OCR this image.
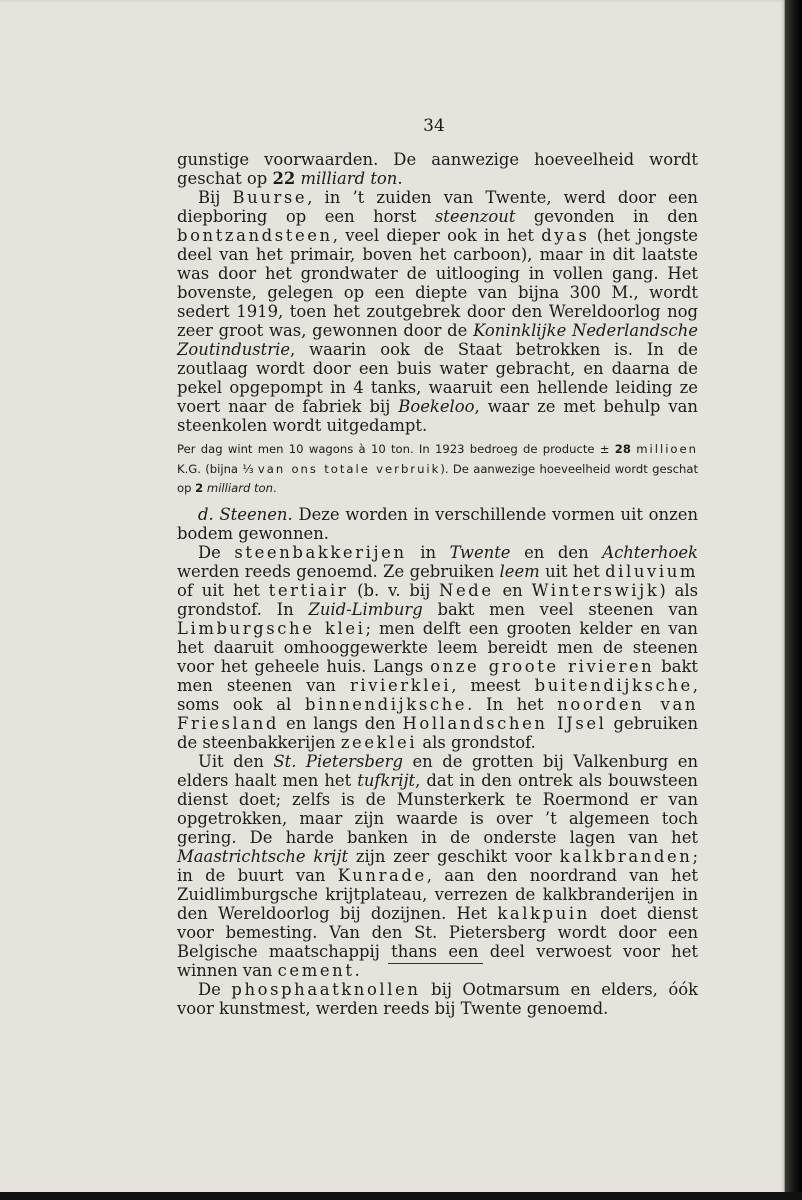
34

gunstige voorwaarden. De aanwezige hoeveelheid wordt geschat op 22 milliard ton.

Bij Buurse, in ’t zuiden van Twente, werd door een diepboring op een horst steenzout gevonden in den bontzandsteen, veel dieper ook in het dyas (het jongste deel van het primair, boven het carboon), maar in dit laatste was door het grondwater de uitlooging in vollen gang. Het bovenste, gelegen op een diepte van bijna 300 M., wordt sedert 1919, toen het zoutgebrek door den Wereldoorlog nog zeer groot was, gewonnen door de Koninklijke Nederlandsche Zoutindustrie, waarin ook de Staat betrokken is. In de zoutlaag wordt door een buis water gebracht, en daarna de pekel opgepompt in 4 tanks, waaruit een hellende leiding ze voert naar de fabriek bij Boekeloo, waar ze met behulp van steenkolen wordt uitgedampt.

Per dag wint men 10 wagons à 10 ton. In 1923 bedroeg de producte ± 28 millioen K.G. (bijna ⅓ van ons totale verbruik). De aanwezige hoeveelheid wordt geschat op 2 milliard ton.

d. Steenen. Deze worden in verschillende vormen uit onzen bodem gewonnen.

De steenbakkerijen in Twente en den Achterhoek werden reeds genoemd. Ze gebruiken leem uit het diluvium of uit het tertiair (b. v. bij Nede en Winterswijk) als grondstof. In Zuid-Limburg bakt men veel steenen van Limburgsche klei; men delft een grooten kelder en van het daaruit omhooggewerkte leem bereidt men de steenen voor het geheele huis. Langs onze groote rivieren bakt men steenen van rivierklei, meest buitendijksche, soms ook al binnendijksche. In het noorden van Friesland en langs den Hollandschen IJsel gebruiken de steenbakkerijen zeeklei als grondstof.

Uit den St. Pietersberg en de grotten bij Valkenburg en elders haalt men het tufkrijt, dat in den ontrek als bouwsteen dienst doet; zelfs is de Munsterkerk te Roermond er van opgetrokken, maar zijn waarde is over ’t algemeen toch gering. De harde banken in de onderste lagen van het Maastrichtsche krijt zijn zeer geschikt voor kalkbranden; in de buurt van Kunrade, aan den noordrand van het Zuidlimburgsche krijtplateau, verrezen de kalkbranderijen in den Wereldoorlog bij dozijnen. Het kalkpuin doet dienst voor bemesting. Van den St. Pietersberg wordt door een Belgische maatschappij thans een deel verwoest voor het winnen van cement.

De phosphaatknollen bij Ootmarsum en elders, óók voor kunstmest, werden reeds bij Twente genoemd.
